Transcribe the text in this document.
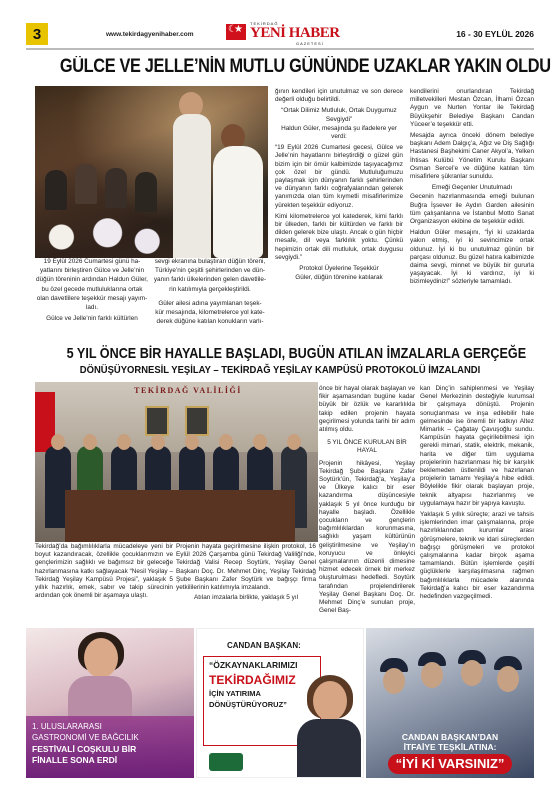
3	www.tekirdagyenihaber.com
☾★
TEKİRDAĞ
YENİ HABER
GAZETESİ
16 - 30 EYLÜL 2026
GÜLCE VE JELLE’NİN MUTLU GÜNÜNDE UZAKLAR YAKIN OLDU

19 Eylül 2026 Cumartesi günü ha-

yatlarını birleştiren Gülce ve Jelle’nin

düğün töreninin ardından Haldun Güler,

bu özel gecede mutluluklarına ortak

olan davetlilere teşekkür mesajı yayım-

ladı.

Gülce ve Jelle’nin farklı kültürlen

sevgi ekranına bulaştıran düğün töreni,

Türkiye’nin çeşitli şehirlerinden ve dün-

yanın farklı ülkelerinden gelen davetlile-

rin katılımıyla gerçekleştirildi.

Güler ailesi adına yayımlanan teşek-

kür mesajında, kilometrelerce yol kate-

derek düğüne katılan konukların varlı-

ğının kendileri için unutulmaz ve son derece değerli olduğu belirtildi.

“Ortak Dilimiz Mutluluk, Ortak Duygumuz Sevgiydi”

Haldun Güler, mesajında şu ifadelere yer verdi:

“19 Eylül 2026 Cumartesi gecesi, Gülce ve Jelle’nin hayatlarını birleştirdiği o güzel gün bizim için bir ömür kalbimizde taşıyacağımız çok özel bir gündü. Mutluluğumuzu paylaşmak için dünyanın farklı şehirlerinden ve dünyanın farklı coğrafyalarından gelerek yanımızda olan tüm kıymetli misafirlerimize yürekten teşekkür ediyoruz.

Kimi kilometrelerce yol katederek, kimi farklı bir ülkeden, farklı bir kültürden ve farklı bir dilden gelerek bize ulaştı. Ancak o gün hiçbir mesafe, dil veya farklılık yoktu. Çünkü hepimizin ortak dili mutluluk, ortak duygusu sevgiydi.”

Protokol Üyelerine Teşekkür

Güler, düğün törenine katılarak

kendilerini onurlandıran Tekirdağ milletvekilleri Mestan Özcan, İlhami Özcan Aygun ve Nurten Yontar ile Tekirdağ Büyükşehir Belediye Başkanı Candan Yüceer’e teşekkür etti.

Mesajda ayrıca önceki dönem belediye başkanı Adem Dalgıç’a, Ağız ve Diş Sağlığı Hastanesi Başhekimi Caner Akyol’a, Yelken İhtisas Kulübü Yönetim Kurulu Başkanı Osman Sercel’e ve düğüne katılan tüm misafirlere şükranlar sunuldu.

Emeği Geçenler Unutulmadı

Gecenin hazırlanmasında emeği bulunan Buğra İşsever ile Aydın Garden ailesinin tüm çalışanlarına ve İstanbul Motto Sanat Organizasyon ekibine de teşekkür edildi.

Haldun Güler mesajını, “İyi ki uzaklarda yakın etmiş, iyi ki sevincimize ortak oldunuz. İyi ki bu unutulmaz günün bir parçası oldunuz. Bu güzel hatıra kalbimizde daima sevgi, minnet ve büyük bir gururla yaşayacak. İyi ki vardınız, iyi ki bizimleydiniz!” sözleriyle tamamladı.

5 YIL ÖNCE BİR HAYALLE BAŞLADI, BUGÜN ATILAN İMZALARLA GERÇEĞE
DÖNÜŞÜYORNESİL YEŞİLAY – TEKİRDAĞ YEŞİLAY KAMPÜSÜ PROTOKOLÜ İMZALANDI
TEKİRDAĞ VALİLİĞİ

Tekirdağ’da bağımlılıklarla mücadeleye yeni bir boyut kazandıracak, özellikle çocuklarımızın ve gençlerimizin sağlıklı ve bağımsız bir geleceğe hazırlanmasına katkı sağlayacak “Nesil Yeşilay – Tekirdağ Yeşilay Kampüsü Projesi”, yaklaşık 5 yıllık hazırlık, emek, sabır ve takip sürecinin ardından çok önemli bir aşamaya ulaştı.

Projenin hayata geçirilmesine ilişkin protokol, 16 Eylül 2026 Çarşamba günü Tekirdağ Valiliği’nde, Tekirdağ Valisi Recep Soytürk, Yeşilay Genel Başkanı Doç. Dr. Mehmet Dinç, Yeşilay Tekirdağ Şube Başkanı Zafer Soytürk ve bağışçı firma yetkililerinin katılımıyla imzalandı.

Atılan imzalarla birlikte, yaklaşık 5 yıl

önce bir hayal olarak başlayan ve fikir aşamasından bugüne kadar büyük bir özlük ve kararlılıkla takip edilen projenin hayata geçirilmesi yolunda tarihi bir adım atılmış oldu.

5 YIL ÖNCE KURULAN BİR HAYAL

Projenin hikâyesi, Yeşilay Tekirdağ Şube Başkanı Zafer Soytürk’ün, Tekirdağ’a, Yeşilay’a ve Ülkeye kalıcı bir eser kazandırma düşüncesiyle yaklaşık 5 yıl önce kurduğu bir hayalle başladı. Özellikle çocukların ve gençlerin bağımlılıklardan korunmasına, sağlıklı yaşam kültürünün geliştirilmesine ve Yeşilay’ın koruyucu ve önleyici çalışmalarının düzenli dimesine hizmet edecek örnek bir merkez oluşturulması hedefledi. Soytürk tarafından projelendirilerek Yeşilay Genel Başkanı Doç. Dr. Mehmet Dinç’e sunulan proje, Genel Baş-

kan Dinç’in sahiplenmesi ve Yeşilay Genel Merkezinin desteğiyle kurumsal bir çalışmaya dönüştü. Projenin sonuçlanması ve inşa edilebilir hale gelmesinde ise önemli bir katkıyı Altez Mimarlık – Çağatay Çavuşoğlu sundu. Kampüsün hayata geçirilebilmesi için gerekli mimari, statik, elektrik, mekanik, harita ve diğer tüm uygulama projelerinin hazırlanması hiç bir karşılık beklemeden üstlenildi ve hazırlanan projelerin tamamı Yeşilay’a hibe edildi. Böylelikle fikir olarak başlayan proje, teknik altyapısı hazırlanmış ve uygulamaya hazır bir yapıya kavuştu.

Yaklaşık 5 yıllık süreçte; arazi ve tahsis işlemlerinden imar çalışmalarına, proje hazırlıklarından kurumlar arası görüşmelere, teknik ve idari süreçlerden bağışçı görüşmeleri ve protokol çalışmalarına kadar birçok aşama tamamlandı. Bütün işlemlerde çeşitli güçlüklerle karşılaşılmasına rağmen bağımlılıklarla mücadele alanında Tekirdağ’a kalıcı bir eser kazandırma hedefinden vazgeçilmedi.

1. ULUSLARARASI
GASTRONOMİ VE BAĞCILIK
FESTİVALİ COŞKULU BİR
FİNALLE SONA ERDİ
CANDAN BAŞKAN:
“ÖZKAYNAKLARIMIZI
TEKİRDAĞIMIZ
İÇİN YATIRIMA
DÖNÜŞTÜRÜYORUZ”
CANDAN BAŞKAN’DAN
İTFAİYE TEŞKİLATINA:
“İYİ Kİ VARSINIZ”
